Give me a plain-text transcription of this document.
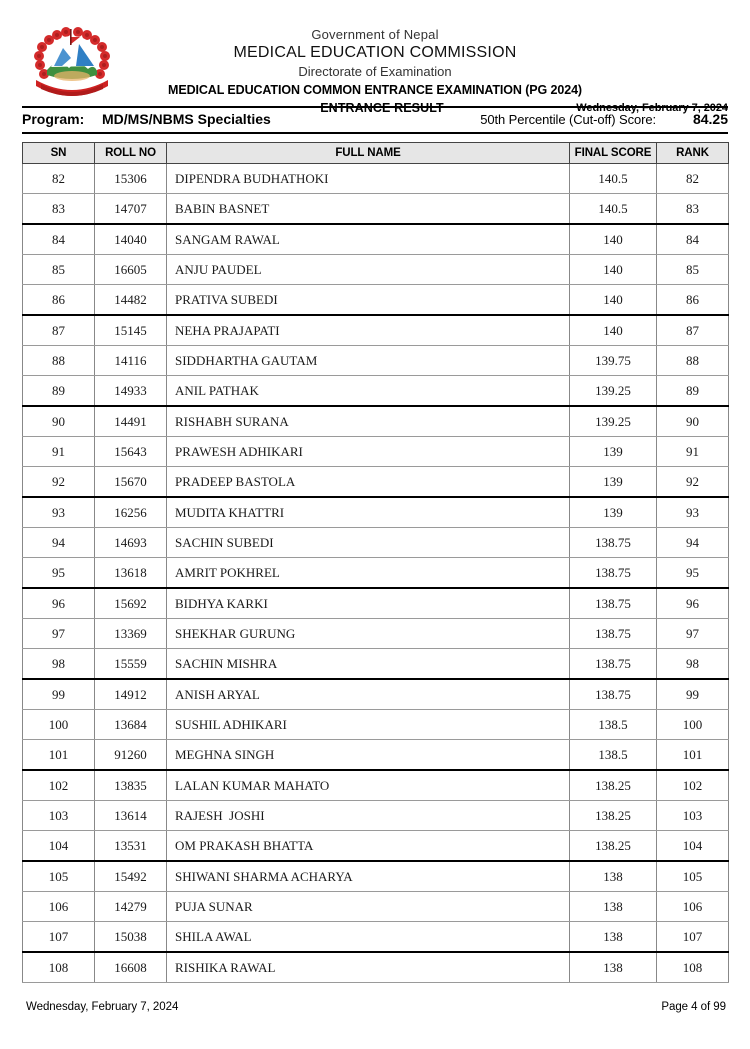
Government of Nepal
MEDICAL EDUCATION COMMISSION
Directorate of Examination
MEDICAL EDUCATION COMMON ENTRANCE EXAMINATION (PG 2024)
ENTRANCE RESULT	Wednesday, February 7, 2024
Program: MD/MS/NBMS Specialties	50th Percentile (Cut-off) Score:	84.25
SN	ROLL NO	FULL NAME	FINAL SCORE	RANK
82	15306	DIPENDRA BUDHATHOKI	140.5	82
83	14707	BABIN BASNET	140.5	83
84	14040	SANGAM RAWAL	140	84
85	16605	ANJU PAUDEL	140	85
86	14482	PRATIVA SUBEDI	140	86
87	15145	NEHA PRAJAPATI	140	87
88	14116	SIDDHARTHA GAUTAM	139.75	88
89	14933	ANIL PATHAK	139.25	89
90	14491	RISHABH SURANA	139.25	90
91	15643	PRAWESH ADHIKARI	139	91
92	15670	PRADEEP BASTOLA	139	92
93	16256	MUDITA KHATTRI	139	93
94	14693	SACHIN SUBEDI	138.75	94
95	13618	AMRIT POKHREL	138.75	95
96	15692	BIDHYA KARKI	138.75	96
97	13369	SHEKHAR GURUNG	138.75	97
98	15559	SACHIN MISHRA	138.75	98
99	14912	ANISH ARYAL	138.75	99
100	13684	SUSHIL ADHIKARI	138.5	100
101	91260	MEGHNA SINGH	138.5	101
102	13835	LALAN KUMAR MAHATO	138.25	102
103	13614	RAJESH  JOSHI	138.25	103
104	13531	OM PRAKASH BHATTA	138.25	104
105	15492	SHIWANI SHARMA ACHARYA	138	105
106	14279	PUJA SUNAR	138	106
107	15038	SHILA AWAL	138	107
108	16608	RISHIKA RAWAL	138	108
Wednesday, February 7, 2024	Page 4 of 99
